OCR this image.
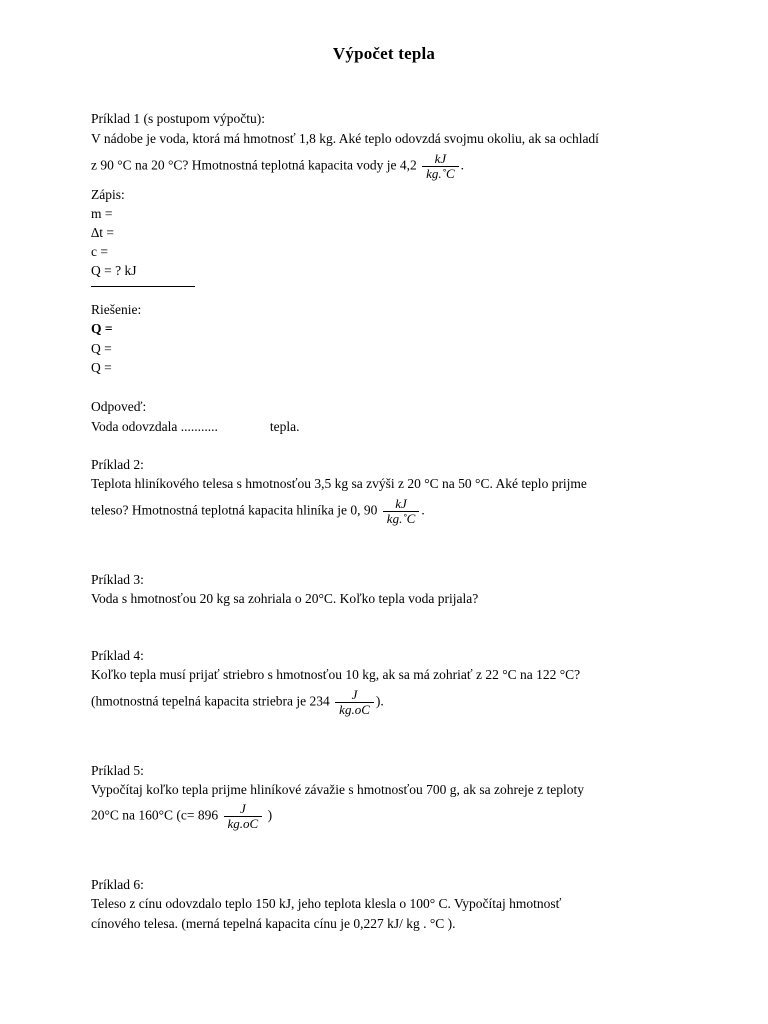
Výpočet tepla
Príklad 1 (s postupom výpočtu):
V nádobe je voda, ktorá má hmotnosť 1,8 kg. Aké teplo odovzdá svojmu okoliu, ak sa ochladí
z 90 °C na 20 °C? Hmotnostná teplotná kapacita vody je $4,2 \frac{kJ}{kg.˚C}$ .
Zápis:
m =
∆t =
c =
Q = ? kJ
Riešenie:
Q =
Q =
Q =
Odpoveď:
Voda odovzdala ...........	tepla.
Príklad 2:
Teplota hliníkového telesa s hmotnosťou 3,5 kg sa zvýši z 20 °C na 50 °C. Aké teplo prijme
teleso? Hmotnostná teplotná kapacita hliníka je 0, $90 \frac{kJ}{kg.˚C}$ .
Príklad 3:
Voda s hmotnosťou 20 kg sa zohriala o 20°C. Koľko tepla voda prijala?
Príklad 4:
Koľko tepla musí prijať striebro s hmotnosťou 10 kg, ak sa má zohriať z 22 °C na 122 °C?
(hmotnostná tepelná kapacita striebra je $234 \frac{J}{kg.oC}$ ).
Príklad 5:
Vypočítaj koľko tepla prijme hliníkové závažie s hmotnosťou 700 g, ak sa zohreje z teploty
20°C na 160°C ($c= 896 \frac{J}{kg.oC}$ )
Príklad 6:
Teleso z cínu odovzdalo teplo 150 kJ, jeho teplota klesla o 100° C. Vypočítaj hmotnosť
cínového telesa. (merná tepelná kapacita cínu je 0,227 kJ/ kg . °C ).
